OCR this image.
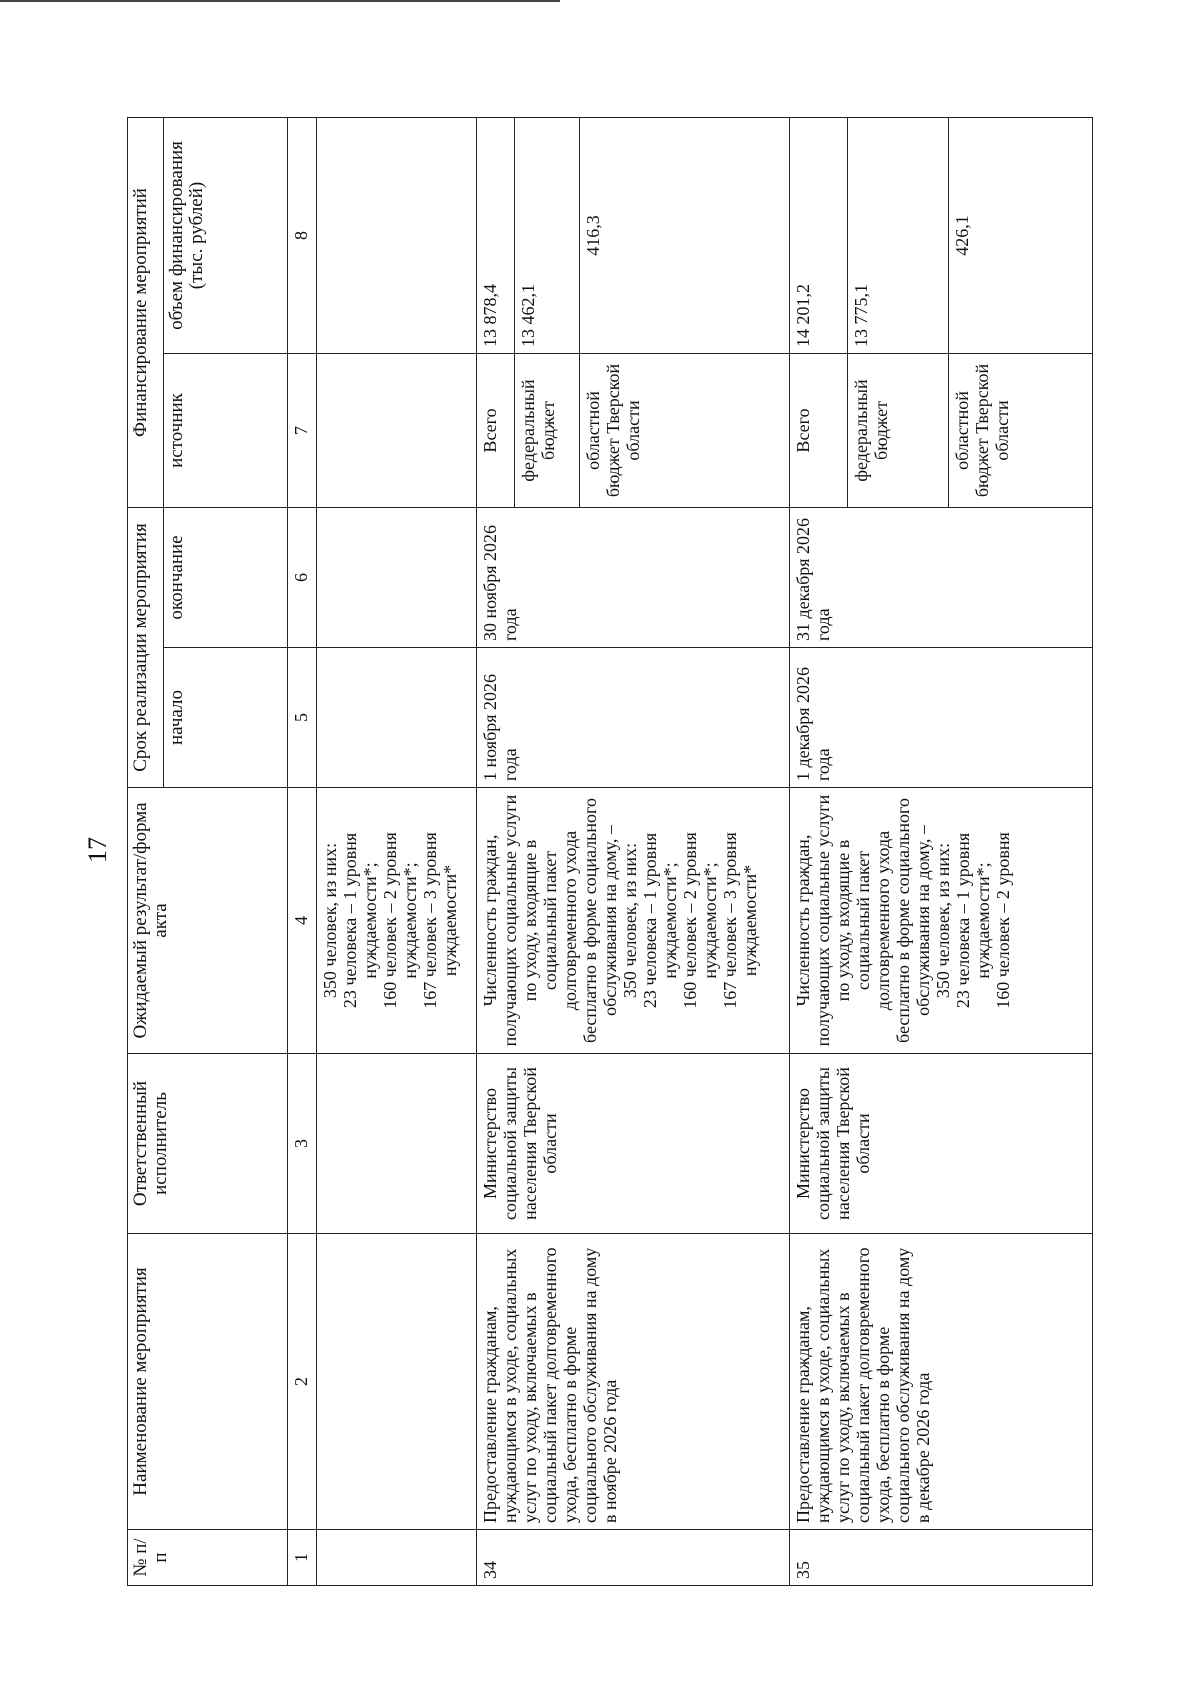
17
№ п/п	Наименование мероприятия	Ответственный исполнитель	Ожидаемый результат/форма акта	Срок реализации мероприятия		Финансирование мероприятий	
				начало	окончание	источник	объем финансирования (тыс. рублей)
1	2	3	4	5	6	7	8
			350 человек, из них:
23 человека – 1 уровня нуждаемости*;
160 человек – 2 уровня нуждаемости*;
167 человек – 3 уровня нуждаемости*				
34	Предоставление гражданам, нуждающимся в уходе, социальных услуг по уходу, включаемых в социальный пакет долговременного ухода, бесплатно в форме социального обслуживания на дому в ноябре 2026 года	Министерство социальной защиты населения Тверской области	Численность граждан, получающих социальные услуги по уходу, входящие в социальный пакет долговременного ухода бесплатно в форме социального обслуживания на дому, –
350 человек, из них:
23 человека – 1 уровня нуждаемости*;
160 человек – 2 уровня нуждаемости*;
167 человек – 3 уровня нуждаемости*	1 ноября 2026 года	30 ноября 2026 года	Всего	13 878,4
						федеральный бюджет	13 462,1
						областной бюджет Тверской области	416,3
35	Предоставление гражданам, нуждающимся в уходе, социальных услуг по уходу, включаемых в социальный пакет долговременного ухода, бесплатно в форме социального обслуживания на дому в декабре 2026 года	Министерство социальной защиты населения Тверской области	Численность граждан, получающих социальные услуги по уходу, входящие в социальный пакет долговременного ухода бесплатно в форме социального обслуживания на дому, –
350 человек, из них:
23 человека – 1 уровня нуждаемости*;
160 человек – 2 уровня	1 декабря 2026 года	31 декабря 2026 года	Всего	14 201,2
						федеральный бюджет	13 775,1
						областной бюджет Тверской области	426,1
